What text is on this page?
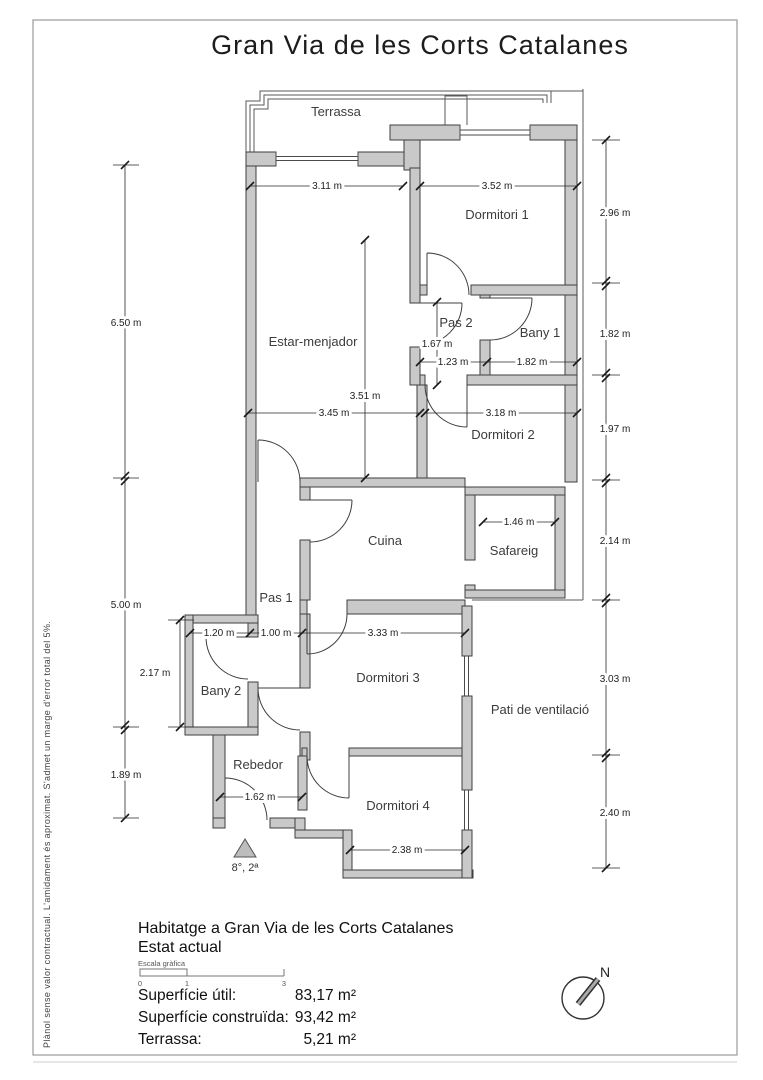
Gran Via de les Corts Catalanes
Plànol sense valor contractual. L'amidament és aproximat. S'admet un marge d'error total del 5%.
3.11 m	3.52 m
1.67 m
1.23 m	1.82 m
3.51 m
3.45 m	3.18 m
1.46 m
1.20 m	1.00 m	3.33 m
1.62 m
2.38 m
6.50 m
5.00 m
2.17 m
1.89 m
2.96 m
1.82 m
1.97 m
2.14 m
3.03 m
2.40 m
Terrassa
Dormitori 1
Estar-menjador
Pas 2
Bany 1
Dormitori 2
Cuina
Safareig
Pas 1
Bany 2
Dormitori 3
Pati de ventilació
Rebedor
Dormitori 4
8°, 2ª
Habitatge a Gran Via de les Corts Catalanes
Estat actual
Escala gràfica
0	1	3
Superfície útil:	83,17 m²
Superfície construïda: 93,42 m²
Terrassa:	5,21 m²
N
